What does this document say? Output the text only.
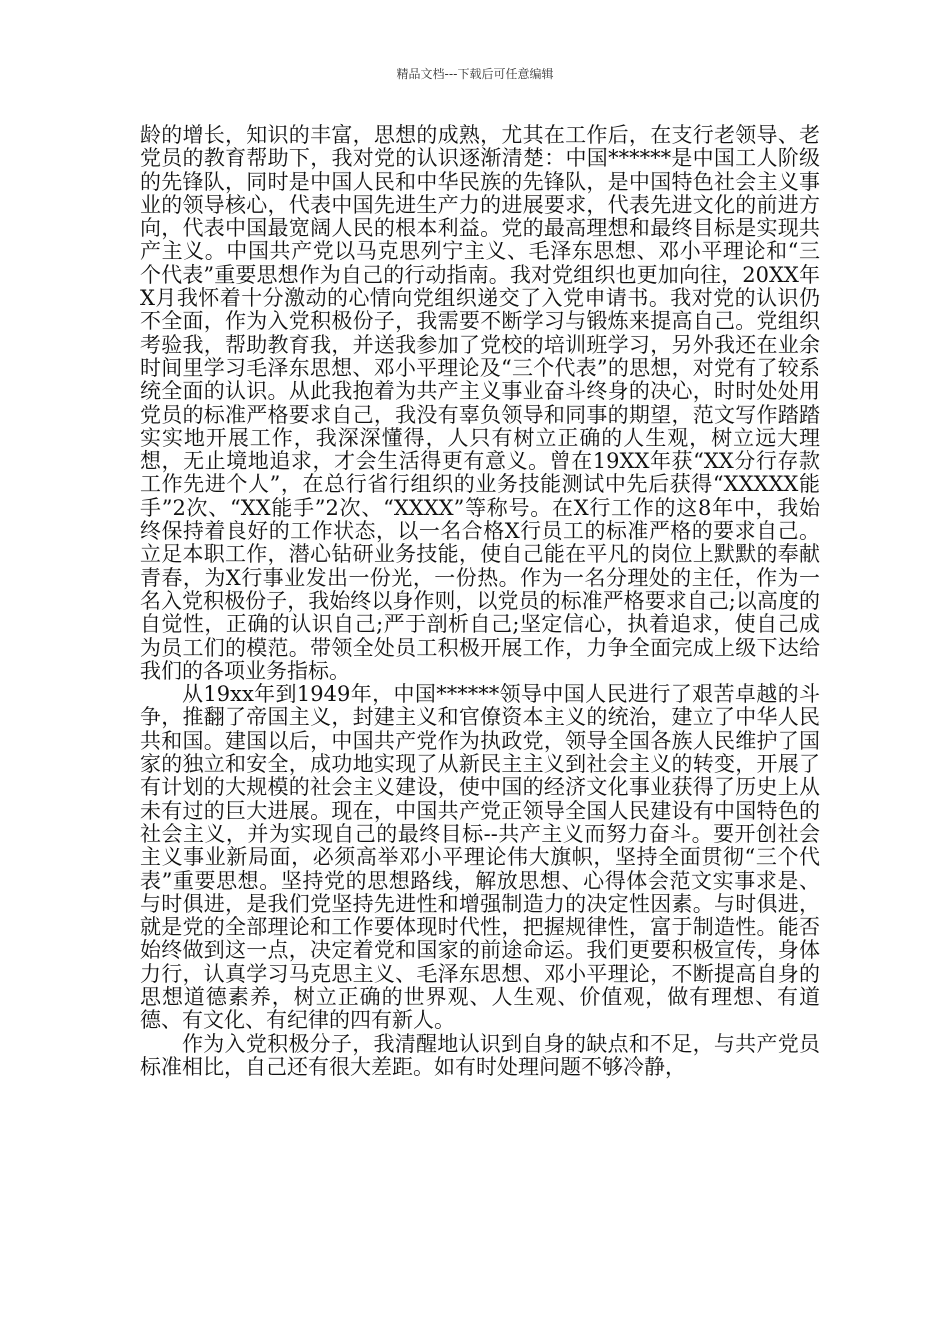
精品文档---下载后可任意编辑

龄的增长，知识的丰富，思想的成熟，尤其在工作后，在支行老领导、老党员的教育帮助下，我对党的认识逐渐清楚：中国******是中国工人阶级的先锋队，同时是中国人民和中华民族的先锋队，是中国特色社会主义事业的领导核心，代表中国先进生产力的进展要求，代表先进文化的前进方向，代表中国最宽阔人民的根本利益。党的最高理想和最终目标是实现共产主义。中国共产党以马克思列宁主义、毛泽东思想、邓小平理论和“三个代表”重要思想作为自己的行动指南。我对党组织也更加向往，20XX年X月我怀着十分激动的心情向党组织递交了入党申请书。我对党的认识仍不全面，作为入党积极份子，我需要不断学习与锻炼来提高自己。党组织考验我，帮助教育我，并送我参加了党校的培训班学习，另外我还在业余时间里学习毛泽东思想、邓小平理论及“三个代表”的思想，对党有了较系统全面的认识。从此我抱着为共产主义事业奋斗终身的决心，时时处处用党员的标准严格要求自己，我没有辜负领导和同事的期望，范文写作踏踏实实地开展工作，我深深懂得，人只有树立正确的人生观，树立远大理想，无止境地追求，才会生活得更有意义。曾在19XX年获“XX分行存款工作先进个人”，在总行省行组织的业务技能测试中先后获得“XXXXX能手”2次、“XX能手”2次、“XXXX”等称号。在X行工作的这8年中，我始终保持着良好的工作状态，以一名合格X行员工的标准严格的要求自己。立足本职工作，潜心钻研业务技能，使自己能在平凡的岗位上默默的奉献青春，为X行事业发出一份光，一份热。作为一名分理处的主任，作为一名入党积极份子，我始终以身作则，以党员的标准严格要求自己;以高度的自觉性，正确的认识自己;严于剖析自己;坚定信心，执着追求，使自己成为员工们的模范。带领全处员工积极开展工作，力争全面完成上级下达给我们的各项业务指标。

从19xx年到1949年，中国******领导中国人民进行了艰苦卓越的斗争，推翻了帝国主义，封建主义和官僚资本主义的统治，建立了中华人民共和国。建国以后，中国共产党作为执政党，领导全国各族人民维护了国家的独立和安全，成功地实现了从新民主主义到社会主义的转变，开展了有计划的大规模的社会主义建设，使中国的经济文化事业获得了历史上从未有过的巨大进展。现在，中国共产党正领导全国人民建设有中国特色的社会主义，并为实现自己的最终目标--共产主义而努力奋斗。要开创社会主义事业新局面，必须高举邓小平理论伟大旗帜，坚持全面贯彻“三个代表”重要思想。坚持党的思想路线，解放思想、心得体会范文实事求是、与时俱进，是我们党坚持先进性和增强制造力的决定性因素。与时俱进，就是党的全部理论和工作要体现时代性，把握规律性，富于制造性。能否始终做到这一点，决定着党和国家的前途命运。我们更要积极宣传，身体力行，认真学习马克思主义、毛泽东思想、邓小平理论，不断提高自身的思想道德素养，树立正确的世界观、人生观、价值观，做有理想、有道德、有文化、有纪律的四有新人。

作为入党积极分子，我清醒地认识到自身的缺点和不足，与共产党员标准相比，自己还有很大差距。如有时处理问题不够冷静，
